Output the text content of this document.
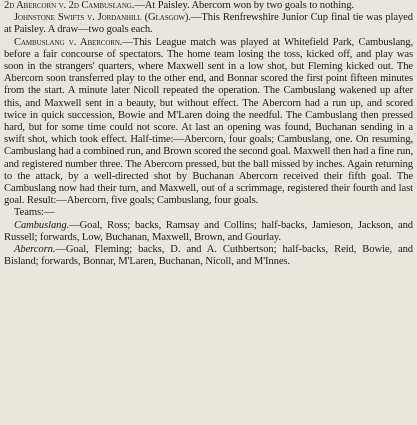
2d Abercorn v. 2d Cambuslang.—At Paisley. Abercorn won by two goals to nothing.

Johnstone Swifts v. Jordanhill (Glasgow).—This Renfrewshire Junior Cup final tie was played at Paisley. A draw—two goals each.

Cambuslang v. Abercorn.—This League match was played at Whitefield Park, Cambuslang, before a fair concourse of spectators. The home team losing the toss, kicked off, and play was soon in the strangers' quarters, where Maxwell sent in a low shot, but Fleming kicked out. The Abercorn soon transferred play to the other end, and Bonnar scored the first point fifteen minutes from the start. A minute later Nicoll repeated the operation. The Cambuslang wakened up after this, and Maxwell sent in a beauty, but without effect. The Abercorn had a run up, and scored twice in quick succession, Bowie and M'Laren doing the needful. The Cambuslang then pressed hard, but for some time could not score. At last an opening was found, Buchanan sending in a swift shot, which took effect. Half-time:—Abercorn, four goals; Cambuslang, one. On resuming, Cambuslang had a combined run, and Brown scored the second goal. Maxwell then had a fine run, and registered number three. The Abercorn pressed, but the ball missed by inches. Again returning to the attack, by a well-directed shot by Buchanan Abercorn received their fifth goal. The Cambuslang now had their turn, and Maxwell, out of a scrimmage, registered their fourth and last goal. Result:—Abercorn, five goals; Cambuslang, four goals.
Teams:—

Cambuslang.—Goal, Ross; backs, Ramsay and Collins; half-backs, Jamieson, Jackson, and Russell; forwards, Low, Buchanan, Maxwell, Brown, and Gourlay.

Abercorn.—Goal, Fleming; backs, D. and A. Cuthbertson; half-backs, Reid, Bowie, and Bisland; forwards, Bonnar, M'Laren, Buchanan, Nicoll, and M'Innes.
